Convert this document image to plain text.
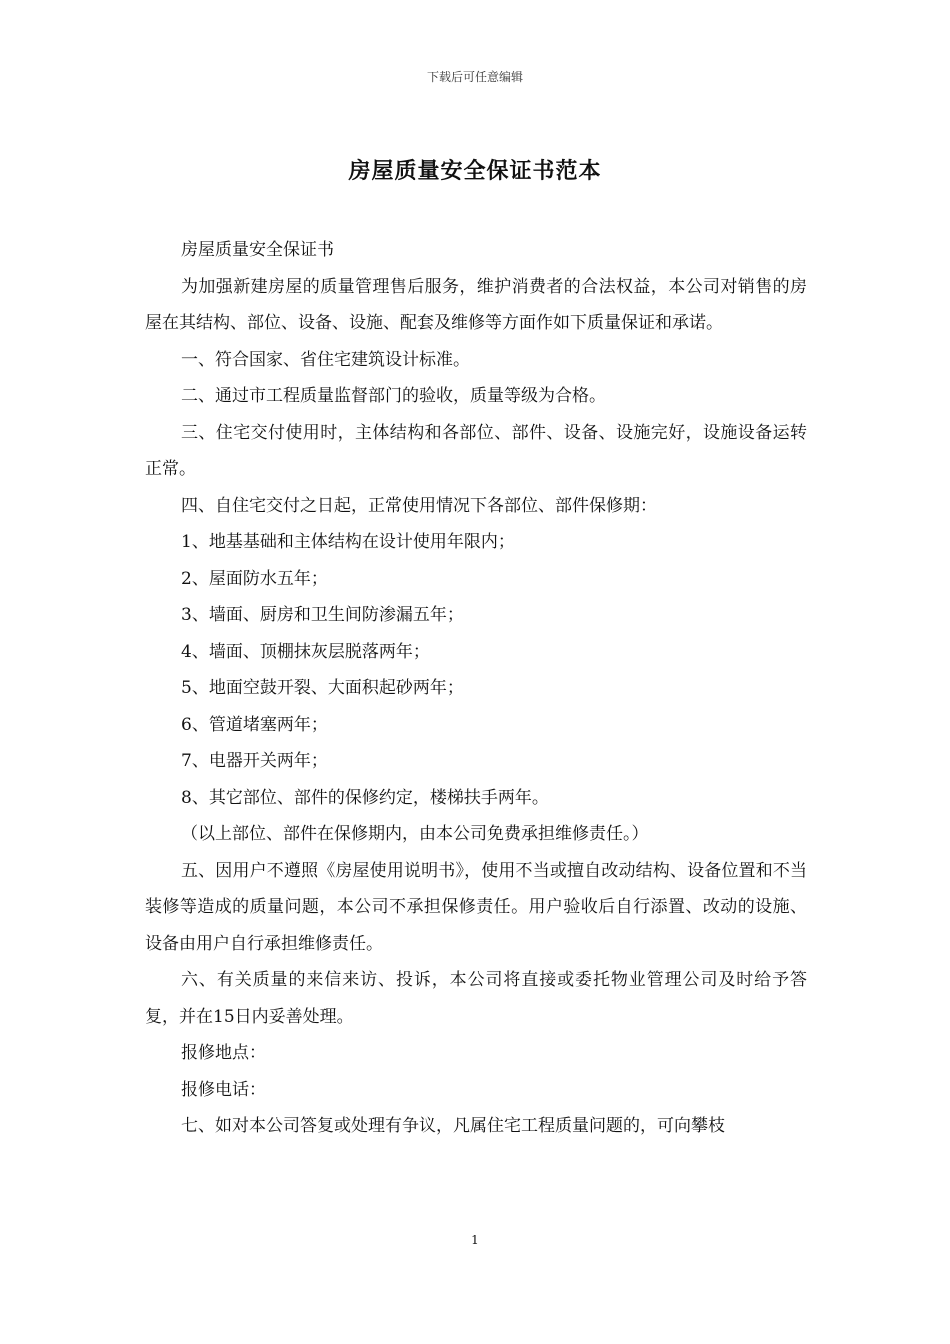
下载后可任意编辑
房屋质量安全保证书范本

房屋质量安全保证书

为加强新建房屋的质量管理售后服务，维护消费者的合法权益，本公司对销售的房屋在其结构、部位、设备、设施、配套及维修等方面作如下质量保证和承诺。

一、符合国家、省住宅建筑设计标准。

二、通过市工程质量监督部门的验收，质量等级为合格。

三、住宅交付使用时，主体结构和各部位、部件、设备、设施完好，设施设备运转正常。

四、自住宅交付之日起，正常使用情况下各部位、部件保修期：

1、地基基础和主体结构在设计使用年限内；

2、屋面防水五年；

3、墙面、厨房和卫生间防渗漏五年；

4、墙面、顶棚抹灰层脱落两年；

5、地面空鼓开裂、大面积起砂两年；

6、管道堵塞两年；

7、电器开关两年；

8、其它部位、部件的保修约定，楼梯扶手两年。

（以上部位、部件在保修期内，由本公司免费承担维修责任。）

五、因用户不遵照《房屋使用说明书》，使用不当或擅自改动结构、设备位置和不当装修等造成的质量问题，本公司不承担保修责任。用户验收后自行添置、改动的设施、设备由用户自行承担维修责任。

六、有关质量的来信来访、投诉，本公司将直接或委托物业管理公司及时给予答复，并在15日内妥善处理。

报修地点：

报修电话：

七、如对本公司答复或处理有争议，凡属住宅工程质量问题的，可向攀枝

1
